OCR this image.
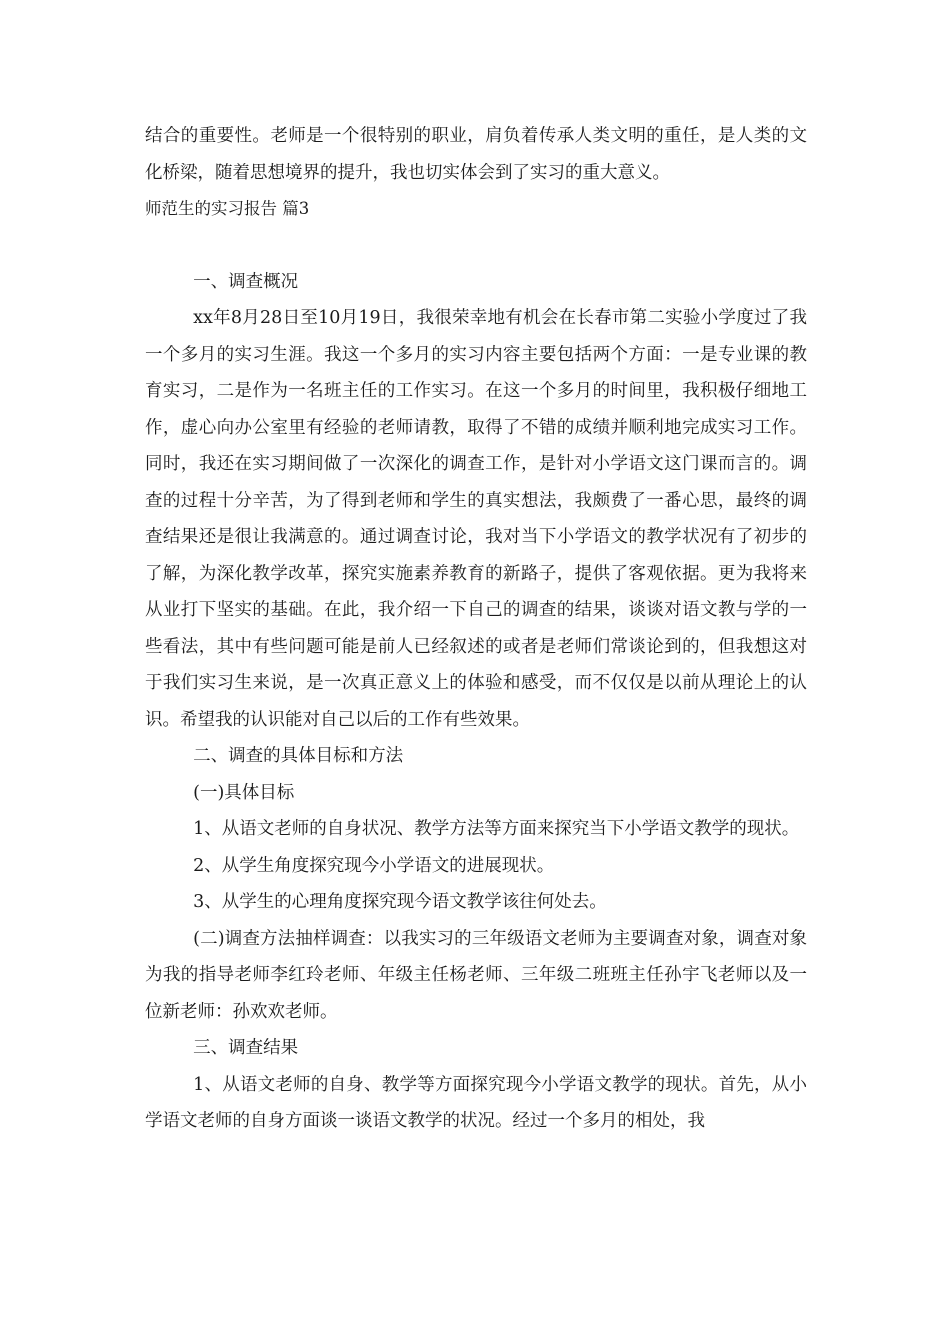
结合的重要性。老师是一个很特别的职业，肩负着传承人类文明的重任，是人类的文化桥梁，随着思想境界的提升，我也切实体会到了实习的重大意义。

师范生的实习报告 篇3

一、调查概况

xx年8月28日至10月19日，我很荣幸地有机会在长春市第二实验小学度过了我一个多月的实习生涯。我这一个多月的实习内容主要包括两个方面：一是专业课的教育实习，二是作为一名班主任的工作实习。在这一个多月的时间里，我积极仔细地工作，虚心向办公室里有经验的老师请教，取得了不错的成绩并顺利地完成实习工作。同时，我还在实习期间做了一次深化的调查工作，是针对小学语文这门课而言的。调查的过程十分辛苦，为了得到老师和学生的真实想法，我颇费了一番心思，最终的调查结果还是很让我满意的。通过调查讨论，我对当下小学语文的教学状况有了初步的了解，为深化教学改革，探究实施素养教育的新路子，提供了客观依据。更为我将来从业打下坚实的基础。在此，我介绍一下自己的调查的结果，谈谈对语文教与学的一些看法，其中有些问题可能是前人已经叙述的或者是老师们常谈论到的，但我想这对于我们实习生来说，是一次真正意义上的体验和感受，而不仅仅是以前从理论上的认识。希望我的认识能对自己以后的工作有些效果。

二、调查的具体目标和方法

(一)具体目标

1、从语文老师的自身状况、教学方法等方面来探究当下小学语文教学的现状。

2、从学生角度探究现今小学语文的进展现状。

3、从学生的心理角度探究现今语文教学该往何处去。

(二)调查方法抽样调查：以我实习的三年级语文老师为主要调查对象，调查对象为我的指导老师李红玲老师、年级主任杨老师、三年级二班班主任孙宇飞老师以及一位新老师：孙欢欢老师。

三、调查结果

1、从语文老师的自身、教学等方面探究现今小学语文教学的现状。首先，从小学语文老师的自身方面谈一谈语文教学的状况。经过一个多月的相处，我
